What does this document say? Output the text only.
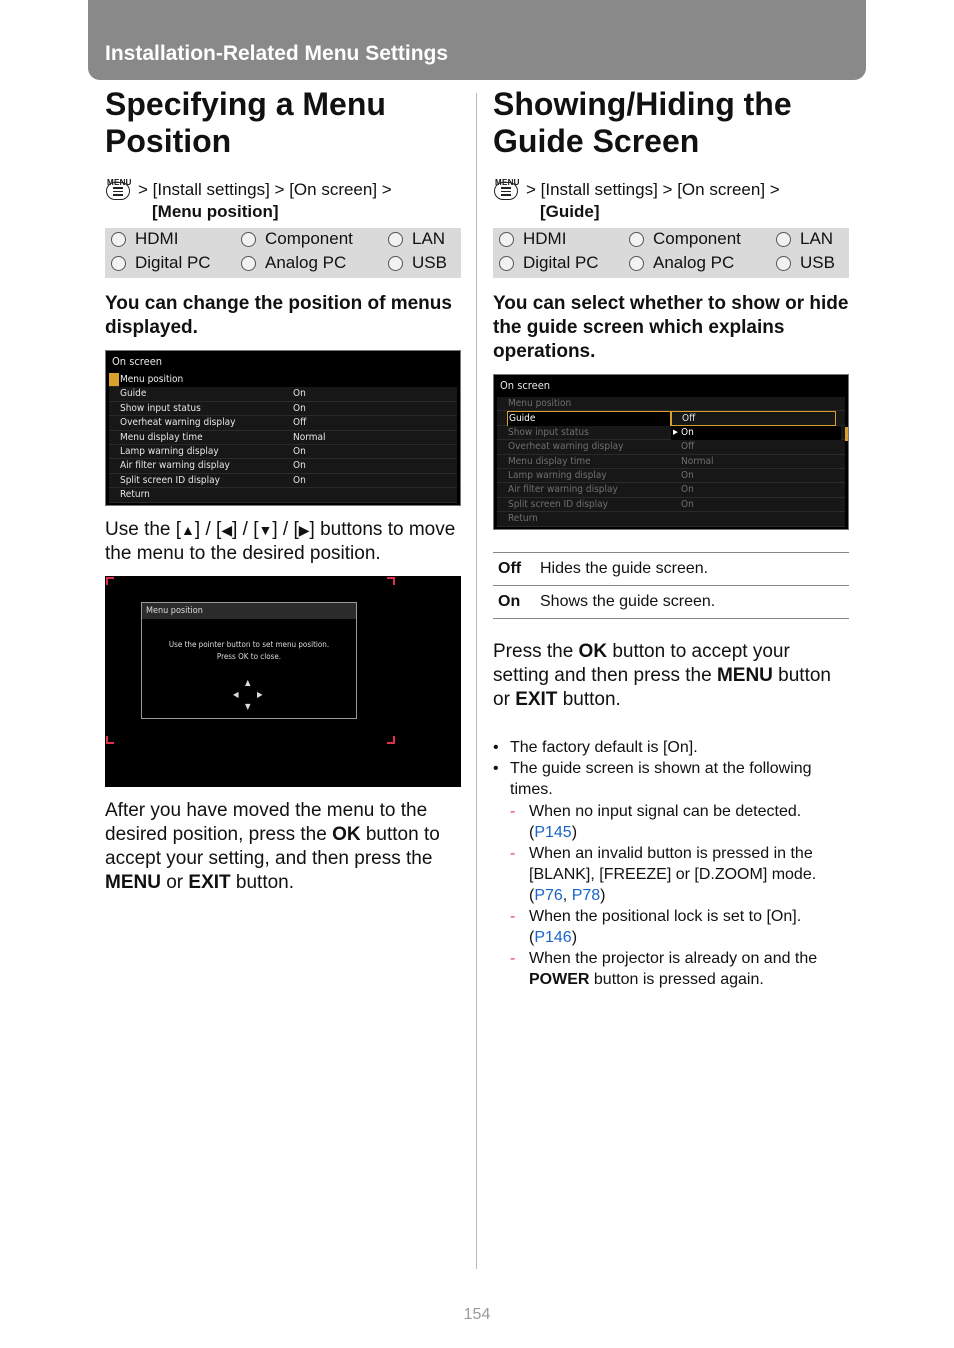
Installation-Related Menu Settings
Specifying a Menu
Position
MENU > [Install settings] > [On screen] >
[Menu position]
HDMI	Component	LAN
Digital PC	Analog PC	USB

You can change the position of menus displayed.

On screen
Menu position
Guide	On
Show input status	On
Overheat warning display	Off
Menu display time	Normal
Lamp warning display	On
Air filter warning display	On
Split screen ID display	On
Return

Use the [▲] / [◀] / [▼] / [▶] buttons to move the menu to the desired position.

Menu position
Use the pointer button to set menu position.
Press OK to close.
▲
◀ ▶
▼

After you have moved the menu to the desired position, press the OK button to accept your setting, and then press the MENU or EXIT button.

Showing/Hiding the
Guide Screen
MENU > [Install settings] > [On screen] >
[Guide]
HDMI	Component	LAN
Digital PC	Analog PC	USB

You can select whether to show or hide the guide screen which explains operations.

On screen
Menu position
Guide	Off
Show input status	▶ On
Overheat warning display	Off
Menu display time	Normal
Lamp warning display	On
Air filter warning display	On
Split screen ID display	On
Return
Off	Hides the guide screen.
On	Shows the guide screen.

Press the OK button to accept your setting and then press the MENU button or EXIT button.

• The factory default is [On].
• The guide screen is shown at the following times.
- When no input signal can be detected.
(P145)
- When an invalid button is pressed in the [BLANK], [FREEZE] or [D.ZOOM] mode.
(P76, P78)
- When the positional lock is set to [On].
(P146)
- When the projector is already on and the POWER button is pressed again.
154
